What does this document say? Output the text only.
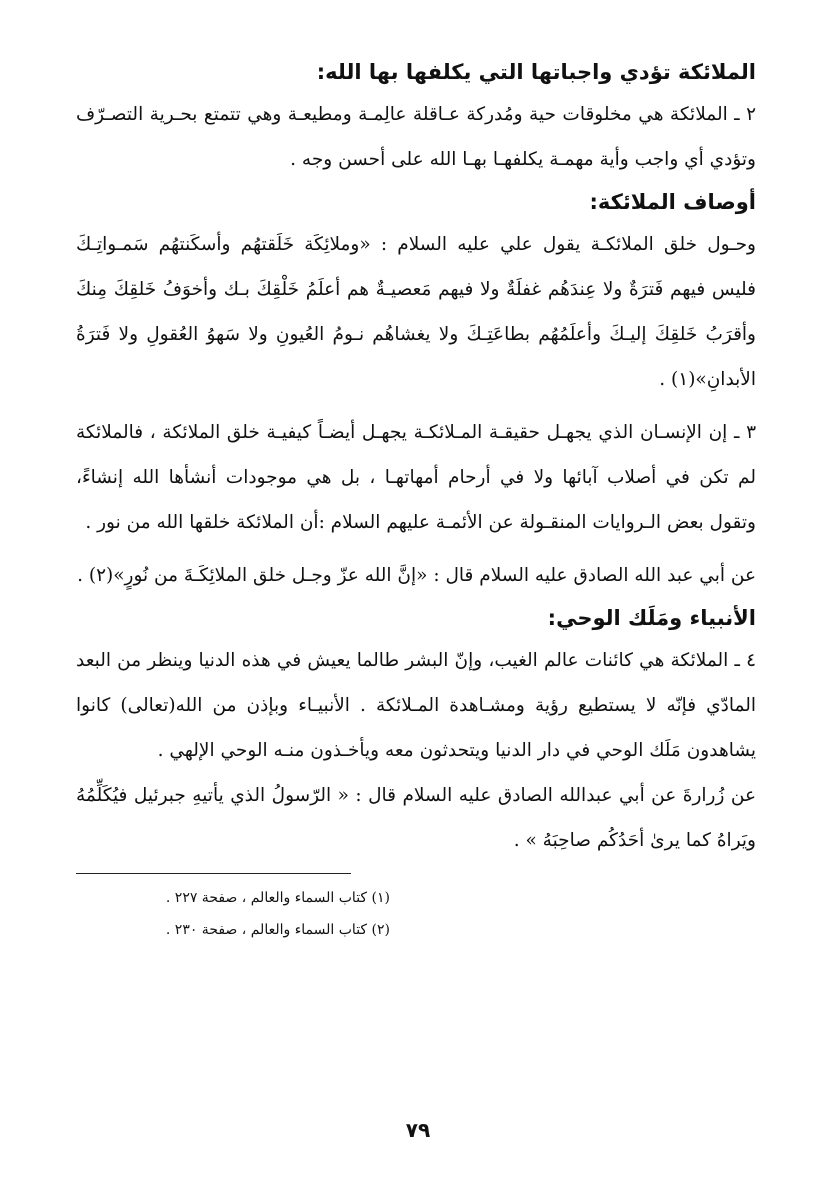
الملائكة تؤدي واجباتها التي يكلفها بها الله:

٢ ـ الملائكة هي مخلوقات حية ومُدركة عـاقلة عالِمـة ومطيعـة وهي تتمتع بحـرية التصـرّف وتؤدي أي واجب وأية مهمـة يكلفهـا بهـا الله على أحسن وجه .

أوصاف الملائكة:

وحـول خلق الملائكـة يقول علي عليه السلام : «وملائِكَة خَلَقتهُم وأسكَنتهُم سَمـواتِـكَ فليس فيهم فَترَةٌ ولا عِندَهُم غفلَةٌ ولا فيهم مَعصيـةٌ هم أعلَمُ خَلْقِكَ بـك وأخوَفُ خَلقِكَ مِنكَ وأقرَبُ خَلقِكَ إليـكَ وأعلَمُهُم بطاعَتِـكَ ولا يغشاهُم نـومُ العُيونِ ولا سَهوُ العُقولِ ولا فَترَةُ الأبدانِ»(١) .

٣ ـ إن الإنسـان الذي يجهـل حقيقـة المـلائكـة يجهـل أيضـاً كيفيـة خلق الملائكة ، فالملائكة لم تكن في أصلاب آبائها ولا في أرحام أمهاتهـا ، بل هي موجودات أنشأها الله إنشاءً، وتقول بعض الـروايات المنقـولة عن الأئمـة عليهم السلام :أن الملائكة خلقها الله من نور .

عن أبي عبد الله الصادق عليه السلام قال : «إنَّ الله عزّ وجـل خلق الملائِكَـةَ من نُورٍ»(٢) .

الأنبياء ومَلَك الوحي:

٤ ـ الملائكة هي كائنات عالم الغيب، وإنّ البشر طالما يعيش في هذه الدنيا وينظر من البعد المادّي فإنّه لا يستطيع رؤية ومشـاهدة المـلائكة . الأنبيـاء وبإذن من الله(تعالى) كانوا يشاهدون مَلَك الوحي في دار الدنيا ويتحدثون معه ويأخـذون منـه الوحي الإلهي .

عن زُرارةَ عن أبي عبدالله الصادق عليه السلام قال : « الرّسولُ الذي يأتيهِ جبرئيل فيُكَلِّمُهُ ويَراهُ كما يرىٰ أحَدُكُم صاحِبَهُ » .

(١) كتاب السماء والعالم ، صفحة ٢٢٧ .
(٢) كتاب السماء والعالم ، صفحة ٢٣٠ .
٧٩
